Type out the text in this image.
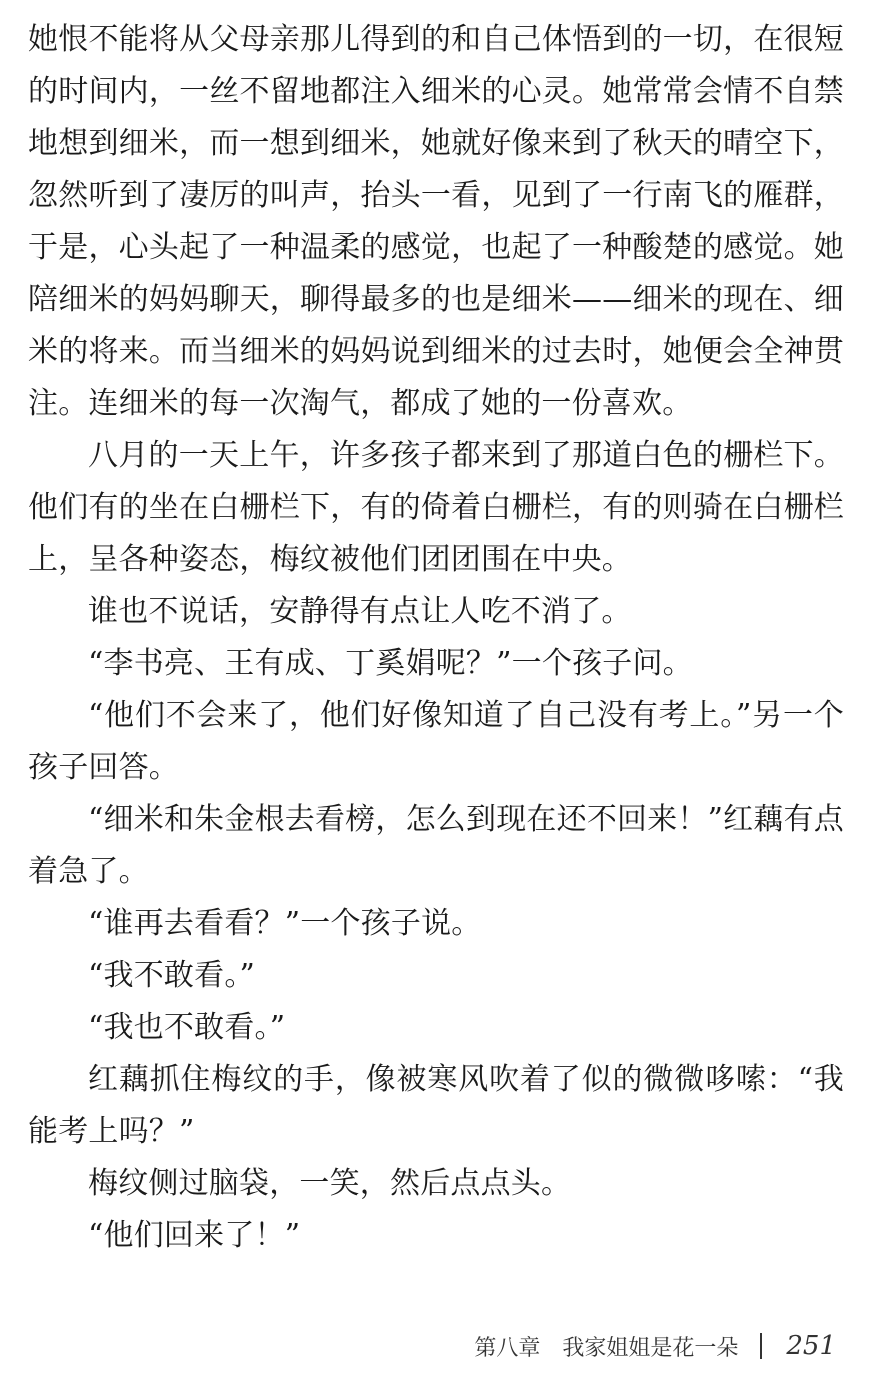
她恨不能将从父母亲那儿得到的和自己体悟到的一切，在很短的时间内，一丝不留地都注入细米的心灵。她常常会情不自禁地想到细米，而一想到细米，她就好像来到了秋天的晴空下，忽然听到了凄厉的叫声，抬头一看，见到了一行南飞的雁群，于是，心头起了一种温柔的感觉，也起了一种酸楚的感觉。她陪细米的妈妈聊天，聊得最多的也是细米——细米的现在、细米的将来。而当细米的妈妈说到细米的过去时，她便会全神贯注。连细米的每一次淘气，都成了她的一份喜欢。

八月的一天上午，许多孩子都来到了那道白色的栅栏下。他们有的坐在白栅栏下，有的倚着白栅栏，有的则骑在白栅栏上，呈各种姿态，梅纹被他们团团围在中央。

谁也不说话，安静得有点让人吃不消了。

“李书亮、王有成、丁奚娟呢？”一个孩子问。

“他们不会来了，他们好像知道了自己没有考上。”另一个孩子回答。

“细米和朱金根去看榜，怎么到现在还不回来！”红藕有点着急了。

“谁再去看看？”一个孩子说。

“我不敢看。”

“我也不敢看。”

红藕抓住梅纹的手，像被寒风吹着了似的微微哆嗦：“我能考上吗？”

梅纹侧过脑袋，一笑，然后点点头。

“他们回来了！”

第八章　我家姐姐是花一朵 251
